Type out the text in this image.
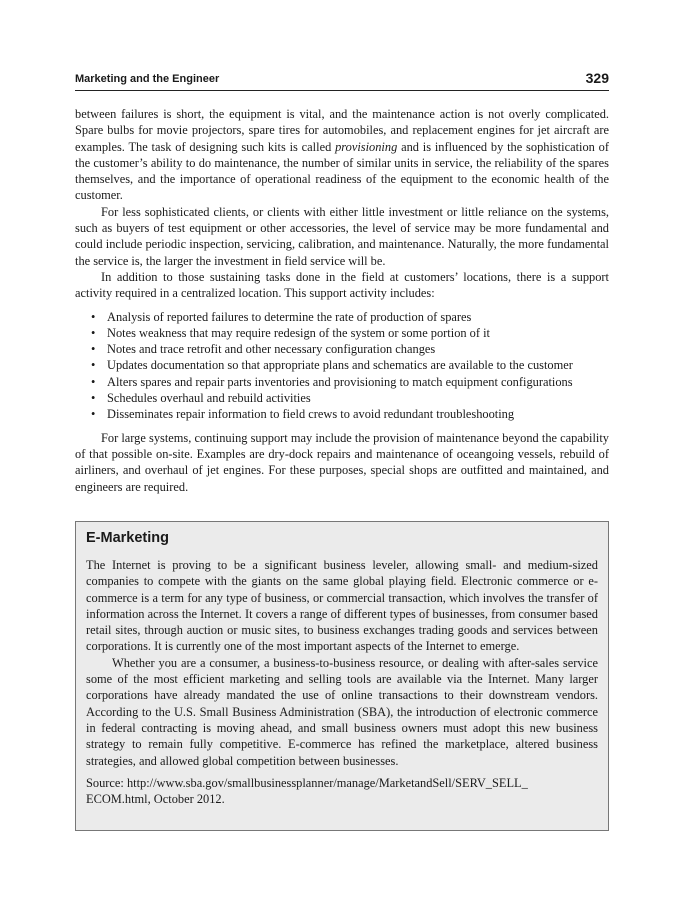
Marketing and the Engineer	329

between failures is short, the equipment is vital, and the maintenance action is not overly complicated. Spare bulbs for movie projectors, spare tires for automobiles, and replacement engines for jet aircraft are examples. The task of designing such kits is called provisioning and is influenced by the sophistication of the customer’s ability to do maintenance, the number of similar units in service, the reliability of the spares themselves, and the importance of operational readiness of the equipment to the economic health of the customer.

For less sophisticated clients, or clients with either little investment or little reliance on the systems, such as buyers of test equipment or other accessories, the level of service may be more fundamental and could include periodic inspection, servicing, calibration, and maintenance. Naturally, the more fundamental the service is, the larger the investment in field service will be.

In addition to those sustaining tasks done in the field at customers’ locations, there is a support activity required in a centralized location. This support activity includes:

• Analysis of reported failures to determine the rate of production of spares
• Notes weakness that may require redesign of the system or some portion of it
• Notes and trace retrofit and other necessary configuration changes
• Updates documentation so that appropriate plans and schematics are available to the customer
• Alters spares and repair parts inventories and provisioning to match equipment configurations
• Schedules overhaul and rebuild activities
• Disseminates repair information to field crews to avoid redundant troubleshooting

For large systems, continuing support may include the provision of maintenance beyond the capability of that possible on-site. Examples are dry-dock repairs and maintenance of oceangoing vessels, rebuild of airliners, and overhaul of jet engines. For these purposes, special shops are outfitted and maintained, and engineers are required.

E-Marketing

The Internet is proving to be a significant business leveler, allowing small- and medium-sized companies to compete with the giants on the same global playing field. Electronic commerce or e-commerce is a term for any type of business, or commercial transaction, which involves the transfer of information across the Internet. It covers a range of different types of businesses, from consumer based retail sites, through auction or music sites, to business exchanges trading goods and services between corporations. It is currently one of the most important aspects of the Internet to emerge.

Whether you are a consumer, a business-to-business resource, or dealing with after-sales service some of the most efficient marketing and selling tools are available via the Internet. Many larger corporations have already mandated the use of online transactions to their downstream vendors. According to the U.S. Small Business Administration (SBA), the introduction of electronic commerce in federal contracting is moving ahead, and small business owners must adopt this new business strategy to remain fully competitive. E-commerce has refined the marketplace, altered business strategies, and allowed global competition between businesses.

Source: http://www.sba.gov/smallbusinessplanner/manage/MarketandSell/SERV_SELL_
ECOM.html, October 2012.
